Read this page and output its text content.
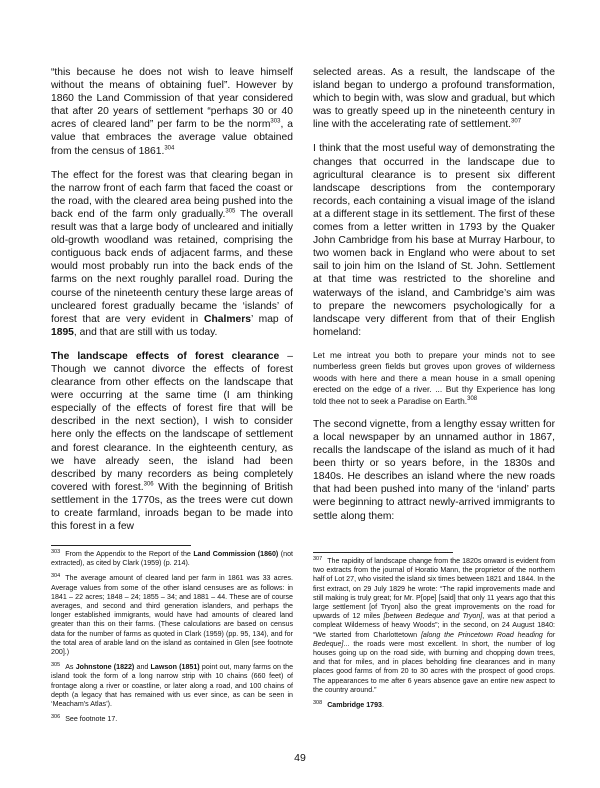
“this because he does not wish to leave himself without the means of obtaining fuel”. However by 1860 the Land Commission of that year considered that after 20 years of settlement “perhaps 30 or 40 acres of cleared land” per farm to be the norm$^{303}$, a value that embraces the average value obtained from the census of 1861.$^{304}$

The effect for the forest was that clearing began in the narrow front of each farm that faced the coast or the road, with the cleared area being pushed into the back end of the farm only gradually.$^{305}$ The overall result was that a large body of uncleared and initially old-growth woodland was retained, comprising the contiguous back ends of adjacent farms, and these would most probably run into the back ends of the farms on the next roughly parallel road. During the course of the nineteenth century these large areas of uncleared forest gradually became the ‘islands’ of forest that are very evident in Chalmers’ map of 1895, and that are still with us today.

The landscape effects of forest clearance – Though we cannot divorce the effects of forest clearance from other effects on the landscape that were occurring at the same time (I am thinking especially of the effects of forest fire that will be described in the next section), I wish to consider here only the effects on the landscape of settlement and forest clearance. In the eighteenth century, as we have already seen, the island had been described by many recorders as being completely covered with forest.$^{306}$ With the beginning of British settlement in the 1770s, as the trees were cut down to create farmland, inroads began to be made into this forest in a few

selected areas. As a result, the landscape of the island began to undergo a profound transformation, which to begin with, was slow and gradual, but which was to greatly speed up in the nineteenth century in line with the accelerating rate of settlement.$^{307}$

I think that the most useful way of demonstrating the changes that occurred in the landscape due to agricultural clearance is to present six different landscape descriptions from the contemporary records, each containing a visual image of the island at a different stage in its settlement. The first of these comes from a letter written in 1793 by the Quaker John Cambridge from his base at Murray Harbour, to two women back in England who were about to set sail to join him on the Island of St. John. Settlement at that time was restricted to the shoreline and waterways of the island, and Cambridge’s aim was to prepare the newcomers psychologically for a landscape very different from that of their English homeland:

Let me intreat you both to prepare your minds not to see numberless green fields but groves upon groves of wilderness woods with here and there a mean house in a small opening erected on the edge of a river. ... But thy Experience has long told thee not to seek a Paradise on Earth.$^{308}$

The second vignette, from a lengthy essay written for a local newspaper by an unnamed author in 1867, recalls the landscape of the island as much of it had been thirty or so years before, in the 1830s and 1840s. He describes an island where the new roads that had been pushed into many of the ‘inland’ parts were beginning to attract newly-arrived immigrants to settle along them:

$^{303}$ From the Appendix to the Report of the Land Commission (1860) (not extracted), as cited by Clark (1959) (p. 214).

$^{304}$ The average amount of cleared land per farm in 1861 was 33 acres. Average values from some of the other island censuses are as follows: in 1841 – 22 acres; 1848 – 24; 1855 – 34; and 1881 – 44. These are of course averages, and second and third generation islanders, and perhaps the longer established immigrants, would have had amounts of cleared land greater than this on their farms. (These calculations are based on census data for the number of farms as quoted in Clark (1959) (pp. 95, 134), and for the total area of arable land on the island as contained in Glen [see footnote 200].)

$^{305}$ As Johnstone (1822) and Lawson (1851) point out, many farms on the island took the form of a long narrow strip with 10 chains (660 feet) of frontage along a river or coastline, or later along a road, and 100 chains of depth (a legacy that has remained with us ever since, as can be seen in ‘Meacham’s Atlas’).

$^{306}$ See footnote 17.

$^{307}$ The rapidity of landscape change from the 1820s onward is evident from two extracts from the journal of Horatio Mann, the proprietor of the northern half of Lot 27, who visited the island six times between 1821 and 1844. In the first extract, on 29 July 1829 he wrote: “The rapid improvements made and still making is truly great; for Mr. P[ope] [said] that only 11 years ago that this large settlement [of Tryon] also the great improvements on the road for upwards of 12 miles [between Bedeque and Tryon], was at that period a compleat Wilderness of heavy Woods”; in the second, on 24 August 1840: “We started from Charlottetown [along the Princetown Road heading for Bedeque]... the roads were most excellent. In short, the number of log houses going up on the road side, with burning and chopping down trees, and that for miles, and in places beholding fine clearances and in many places good farms of from 20 to 30 acres with the prospect of good crops. The appearances to me after 6 years absence gave an entire new aspect to the country around.”

$^{308}$ Cambridge 1793.

49
